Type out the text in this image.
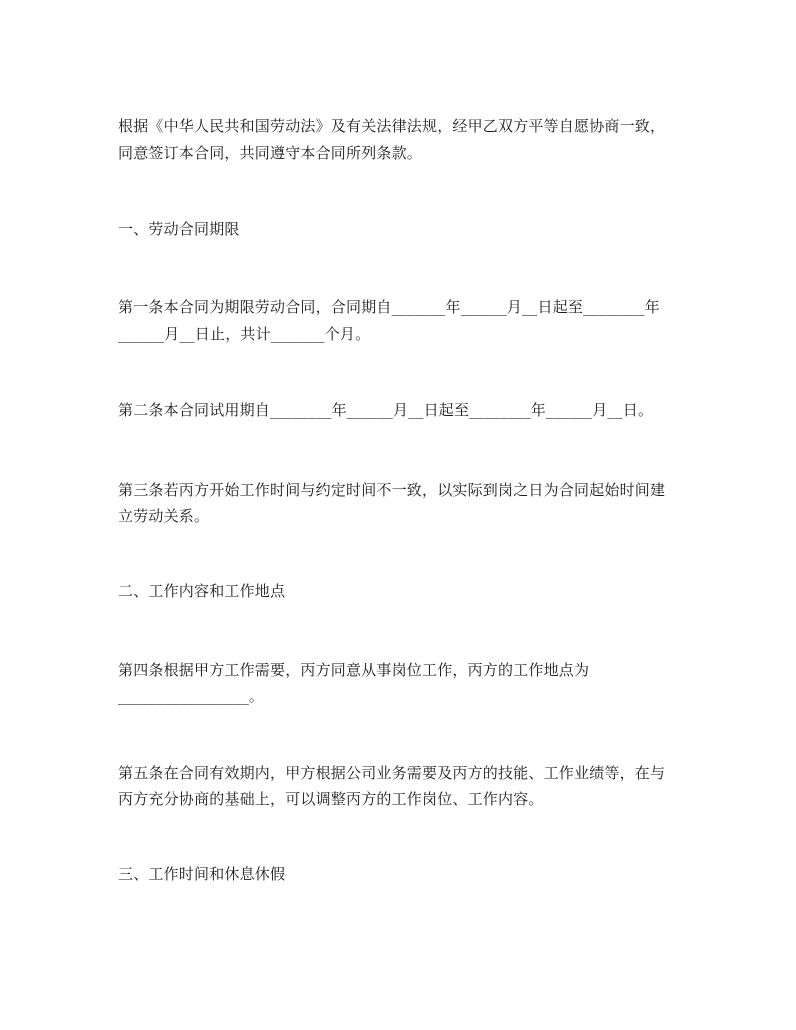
根据《中华人民共和国劳动法》及有关法律法规，经甲乙双方平等自愿协商一致，
同意签订本合同，共同遵守本合同所列条款。
一、劳动合同期限
第一条本合同为期限劳动合同，合同期自_______年______月__日起至________年
______月__日止，共计_______个月。
第二条本合同试用期自________年______月__日起至________年______月__日。
第三条若丙方开始工作时间与约定时间不一致，以实际到岗之日为合同起始时间建
立劳动关系。
二、工作内容和工作地点
第四条根据甲方工作需要，丙方同意从事岗位工作，丙方的工作地点为
_________________。
第五条在合同有效期内，甲方根据公司业务需要及丙方的技能、工作业绩等，在与
丙方充分协商的基础上，可以调整丙方的工作岗位、工作内容。
三、工作时间和休息休假
